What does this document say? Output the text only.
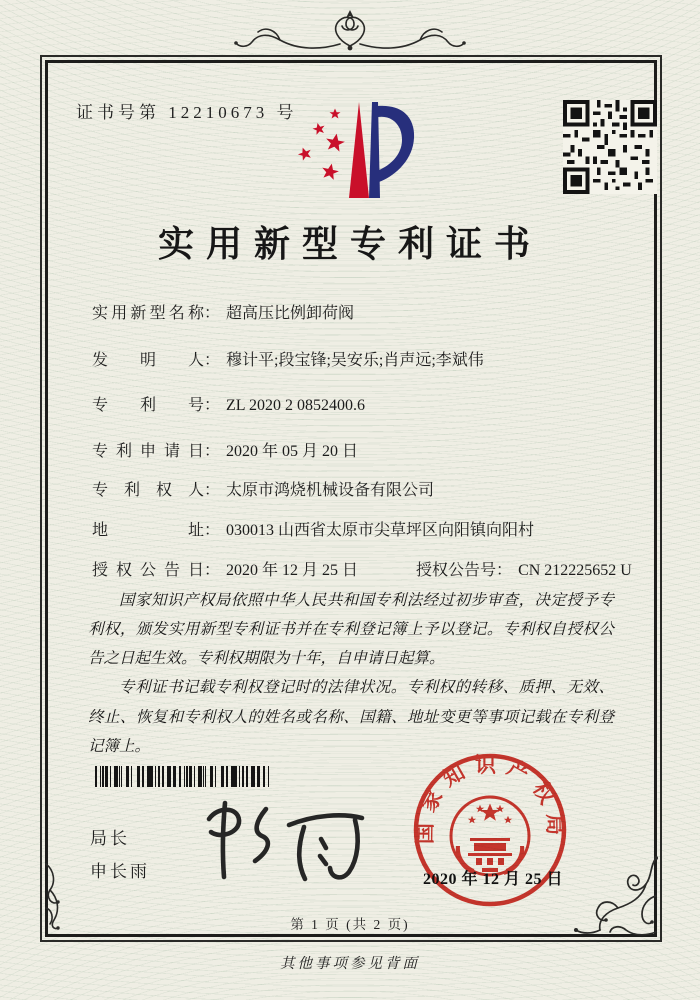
证书号第 12210673 号
实用新型专利证书
实用新型名称： 超高压比例卸荷阀
发明人： 穆计平;段宝锋;吴安乐;肖声远;李斌伟
专利号： ZL 2020 2 0852400.6
专利申请日： 2020 年 05 月 20 日
专利权人： 太原市鸿烧机械设备有限公司
地址： 030013 山西省太原市尖草坪区向阳镇向阳村
授权公告日： 2020 年 12 月 25 日	授权公告号： CN 212225652 U

国家知识产权局依照中华人民共和国专利法经过初步审查，决定授予专利权，颁发实用新型专利证书并在专利登记簿上予以登记。专利权自授权公告之日起生效。专利权期限为十年，自申请日起算。

专利证书记载专利权登记时的法律状况。专利权的转移、质押、无效、终止、恢复和专利权人的姓名或名称、国籍、地址变更等事项记载在专利登记簿上。

局长
申长雨
国家知识产权局
2020 年 12 月 25 日
第 1 页 (共 2 页)
其他事项参见背面
